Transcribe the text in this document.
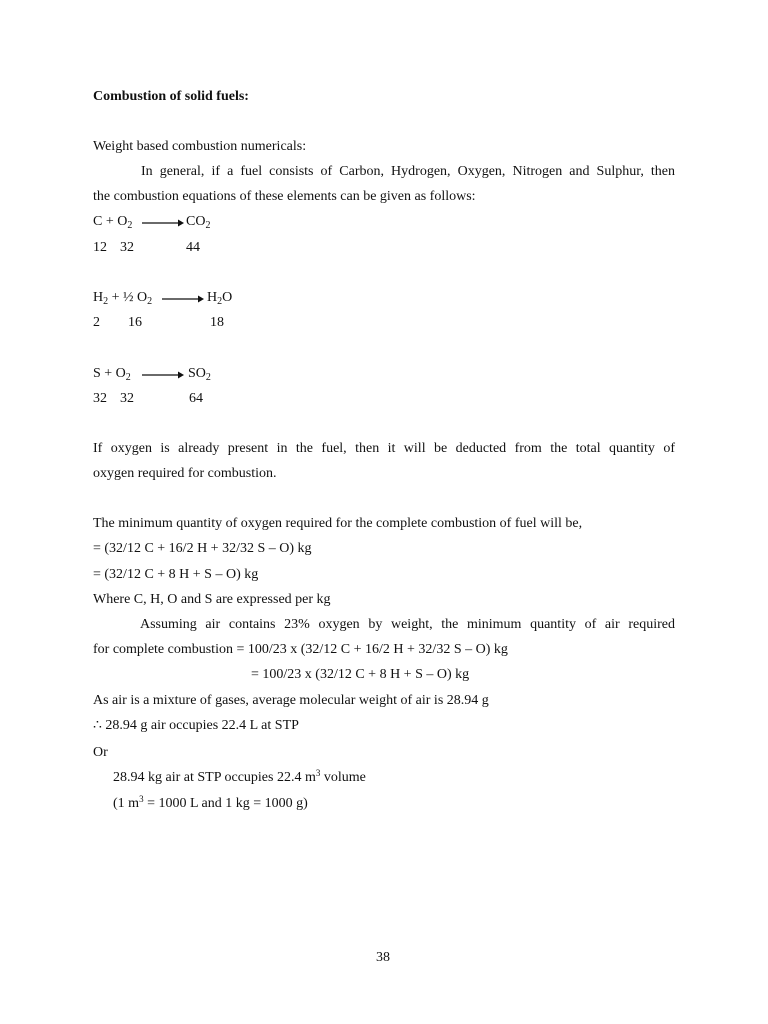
Combustion of solid fuels:
Weight based combustion numericals:
In general, if a fuel consists of Carbon, Hydrogen, Oxygen, Nitrogen and Sulphur, then
the combustion equations of these elements can be given as follows:
$C + O_2 \to CO_2$
12 32	44
$H_2$ + ½ $O_2 \to H_2O$
2 16	18
$S + O_2 \to SO_2$
32 32	64
If oxygen is already present in the fuel, then it will be deducted from the total quantity of
oxygen required for combustion.
The minimum quantity of oxygen required for the complete combustion of fuel will be,
= (32/12 C + 16/2 H + 32/32 S – O) kg
= (32/12 C + 8 H + S – O) kg
Where C, H, O and S are expressed per kg
Assuming air contains 23% oxygen by weight, the minimum quantity of air required
for complete combustion = 100/23 x (32/12 C + 16/2 H + 32/32 S – O) kg
= 100/23 x (32/12 C + 8 H + S – O) kg
As air is a mixture of gases, average molecular weight of air is 28.94 g
∴ 28.94 g air occupies 22.4 L at STP
Or
28.94 kg air at STP occupies 22.4 $m^3$ volume
(1 $m^3 = 1000$ L and 1 kg = 1000 g)
38
